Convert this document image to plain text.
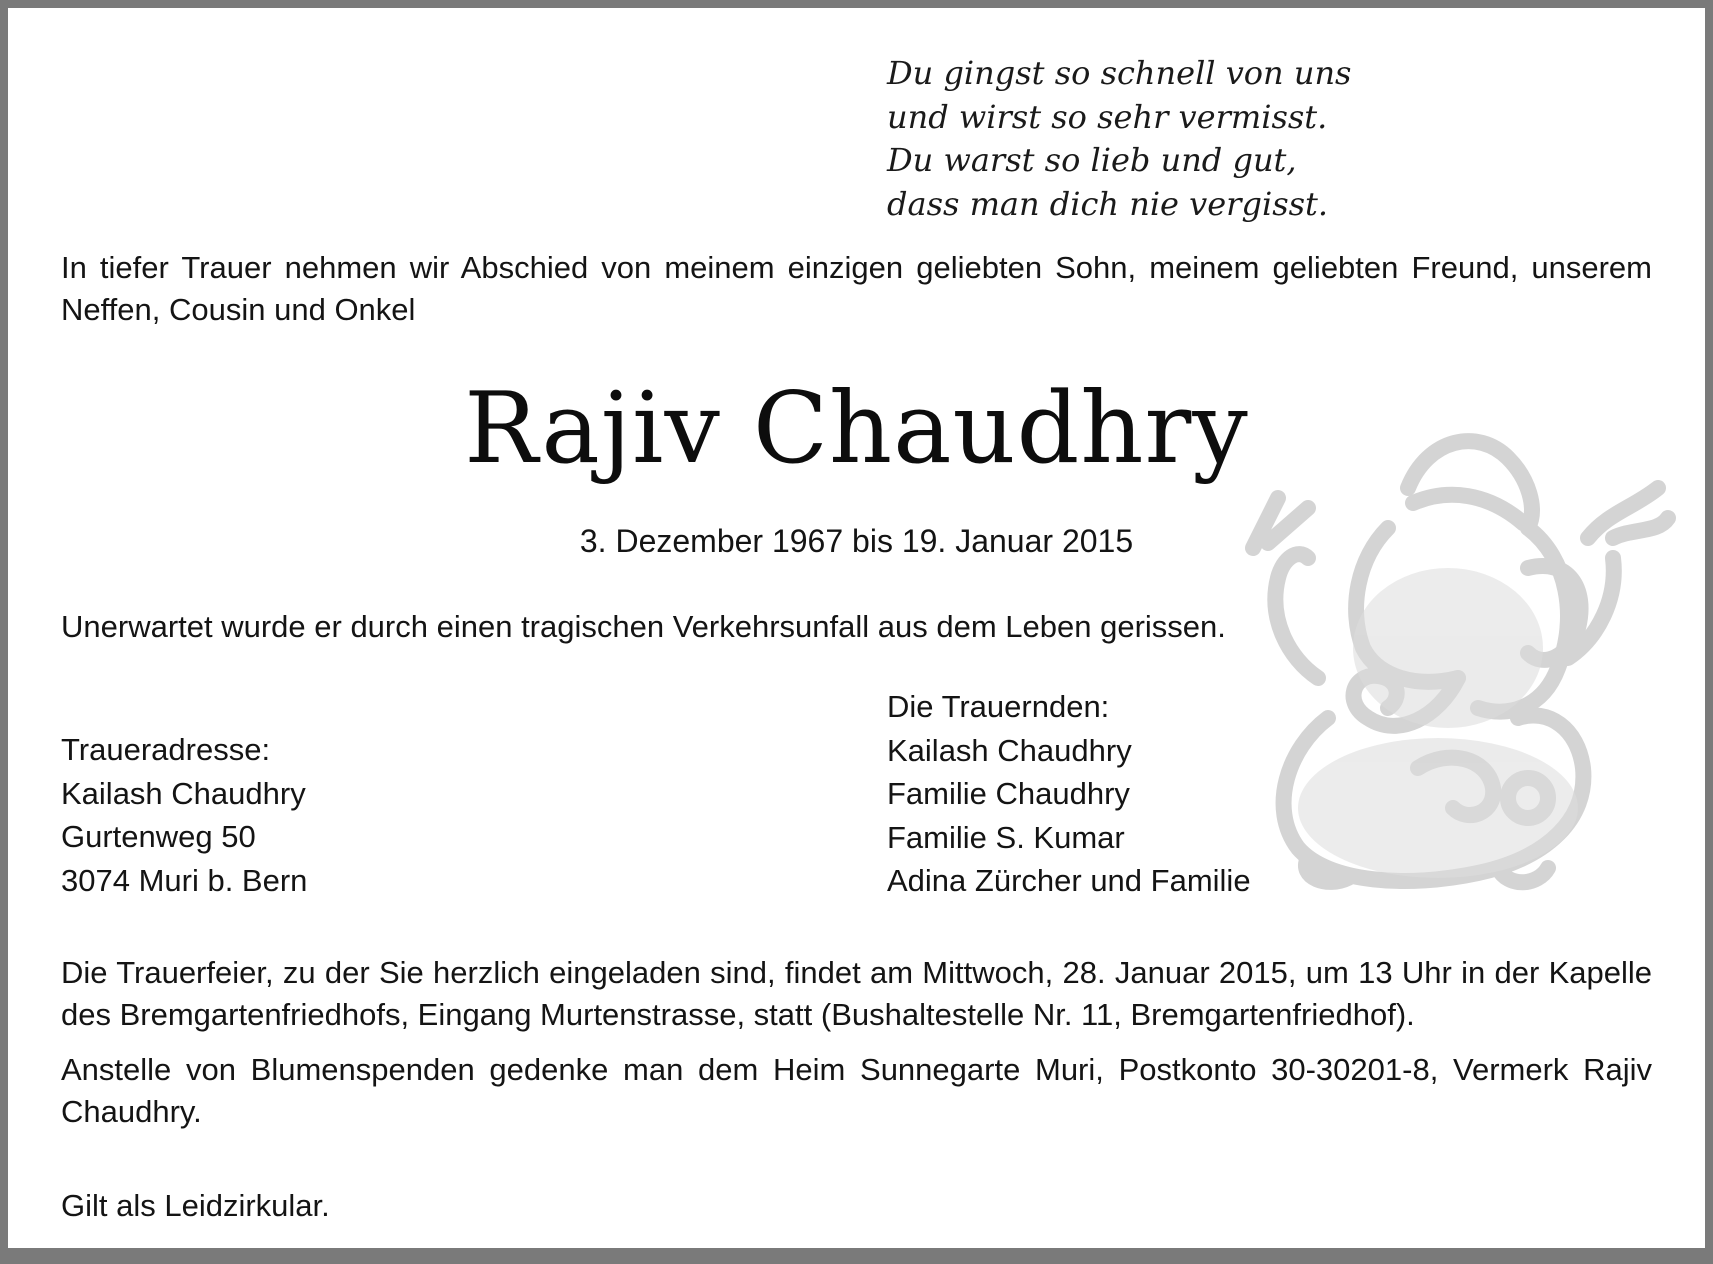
Du gingst so schnell von uns
und wirst so sehr vermisst.
Du warst so lieb und gut,
dass man dich nie vergisst.
In tiefer Trauer nehmen wir Abschied von meinem einzigen geliebten Sohn, meinem geliebten Freund, unserem Neffen, Cousin und Onkel
Rajiv Chaudhry
3. Dezember 1967 bis 19. Januar 2015
Unerwartet wurde er durch einen tragischen Verkehrsunfall aus dem Leben gerissen.
Traueradresse:
Kailash Chaudhry
Gurtenweg 50
3074 Muri b. Bern
Die Trauernden:
Kailash Chaudhry
Familie Chaudhry
Familie S. Kumar
Adina Zürcher und Familie
Die Trauerfeier, zu der Sie herzlich eingeladen sind, findet am Mittwoch, 28. Januar 2015, um 13 Uhr in der Kapelle des Bremgartenfriedhofs, Eingang Murtenstrasse, statt (Bushaltestelle Nr. 11, Bremgartenfriedhof).
Anstelle von Blumenspenden gedenke man dem Heim Sunnegarte Muri, Postkonto 30-30201-8, Vermerk Rajiv Chaudhry.
Gilt als Leidzirkular.
